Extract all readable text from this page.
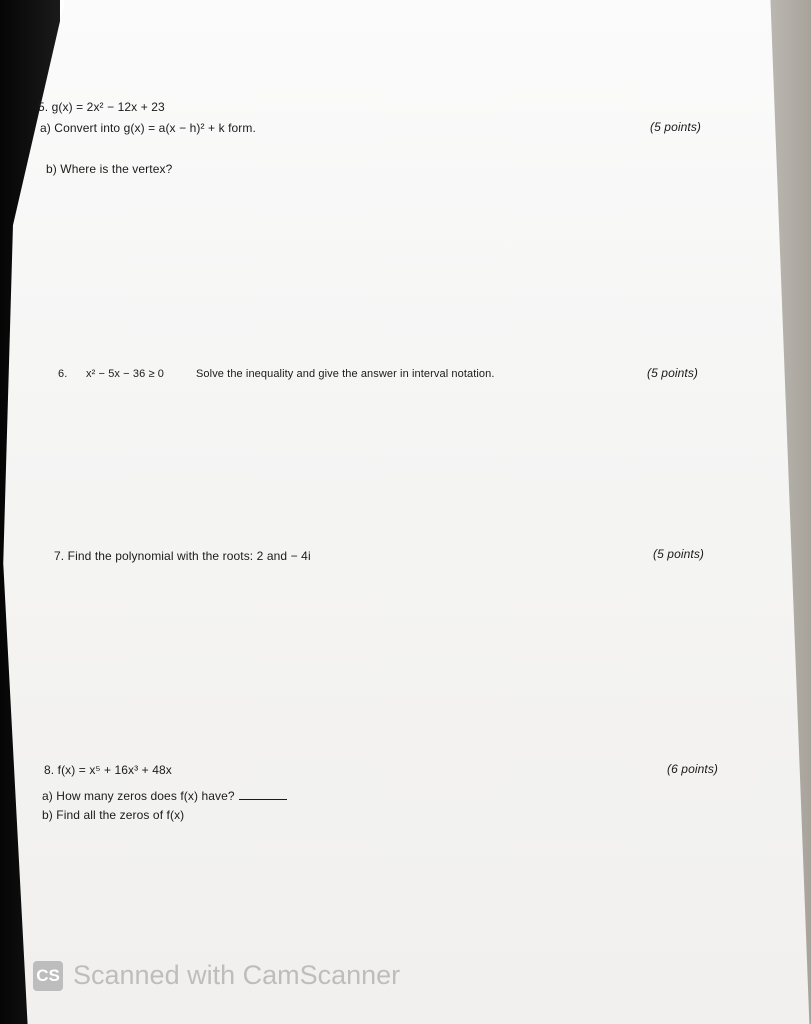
5. g(x) = 2x² − 12x + 23
a) Convert into g(x) = a(x − h)² + k form.	(5 points)
b) Where is the vertex?
6. x² − 5x − 36 ≥ 0	Solve the inequality and give the answer in interval notation.	(5 points)
7. Find the polynomial with the roots: 2 and − 4i	(5 points)
8. f(x) = x⁵ + 16x³ + 48x	(6 points)
a) How many zeros does f(x) have?
b) Find all the zeros of f(x)
CS Scanned with CamScanner
